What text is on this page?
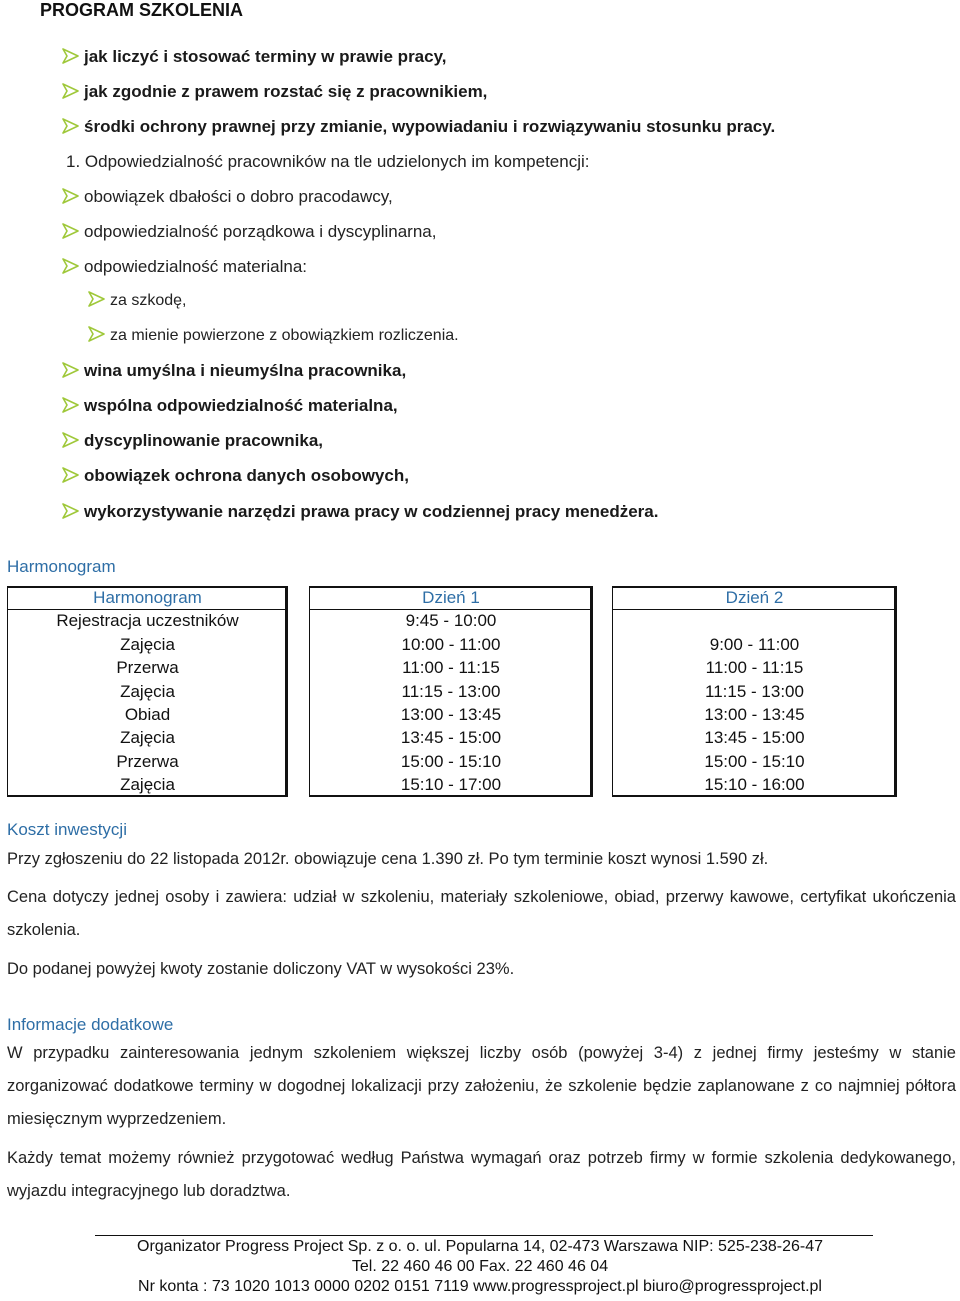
PROGRAM SZKOLENIA
jak liczyć i stosować terminy w prawie pracy,
jak zgodnie z prawem rozstać się z pracownikiem,
środki ochrony prawnej przy zmianie, wypowiadaniu i rozwiązywaniu stosunku pracy.
1. Odpowiedzialność pracowników na tle udzielonych im kompetencji:
obowiązek dbałości o dobro pracodawcy,
odpowiedzialność porządkowa i dyscyplinarna,
odpowiedzialność materialna:
za szkodę,
za mienie powierzone z obowiązkiem rozliczenia.
wina umyślna i nieumyślna pracownika,
wspólna odpowiedzialność materialna,
dyscyplinowanie pracownika,
obowiązek ochrona danych osobowych,
wykorzystywanie narzędzi prawa pracy w codziennej pracy menedżera.
Harmonogram
Harmonogram	Dzień 1	Dzień 2
Rejestracja uczestników	9:45 - 10:00
Zajęcia	10:00 - 11:00	9:00 - 11:00
Przerwa	11:00 - 11:15	11:00 - 11:15
Zajęcia	11:15 - 13:00	11:15 - 13:00
Obiad	13:00 - 13:45	13:00 - 13:45
Zajęcia	13:45 - 15:00	13:45 - 15:00
Przerwa	15:00 - 15:10	15:00 - 15:10
Zajęcia	15:10 - 17:00	15:10 - 16:00
Koszt inwestycji
Przy zgłoszeniu do 22 listopada 2012r. obowiązuje cena 1.390 zł. Po tym terminie koszt wynosi 1.590 zł.
Cena dotyczy jednej osoby i zawiera: udział w szkoleniu, materiały szkoleniowe, obiad, przerwy kawowe, certyfikat ukończenia szkolenia.
Do podanej powyżej kwoty zostanie doliczony VAT w wysokości 23%.
Informacje dodatkowe
W przypadku zainteresowania jednym szkoleniem większej liczby osób (powyżej 3-4) z jednej firmy jesteśmy w stanie zorganizować dodatkowe terminy w dogodnej lokalizacji przy założeniu, że szkolenie będzie zaplanowane z co najmniej półtora miesięcznym wyprzedzeniem.
Każdy temat możemy również przygotować według Państwa wymagań oraz potrzeb firmy w formie szkolenia dedykowanego, wyjazdu integracyjnego lub doradztwa.
Organizator Progress Project Sp. z o. o. ul. Popularna 14, 02-473 Warszawa NIP: 525-238-26-47
Tel. 22 460 46 00 Fax. 22 460 46 04
Nr konta : 73 1020 1013 0000 0202 0151 7119 www.progressproject.pl biuro@progressproject.pl
